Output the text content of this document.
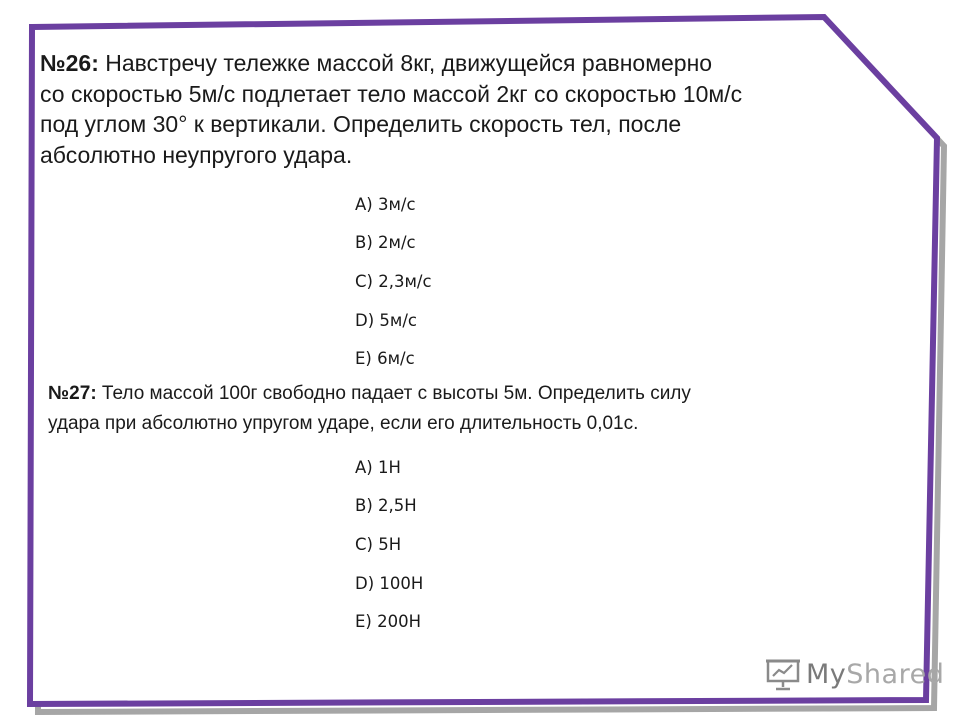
№26: Навстречу тележке массой 8кг, движущейся равномерно
со скоростью 5м/с подлетает тело массой 2кг со скоростью 10м/с
под углом 30° к вертикали. Определить скорость тел, после
абсолютно неупругого удара.
A) 3м/с
B) 2м/с
C) 2,3м/с
D) 5м/с
E) 6м/с
№27: Тело массой 100г свободно падает с высоты 5м. Определить силу
удара при абсолютно упругом ударе, если его длительность 0,01с.
A) 1Н
B) 2,5Н
C) 5Н
D) 100Н
E) 200Н
MyShared
